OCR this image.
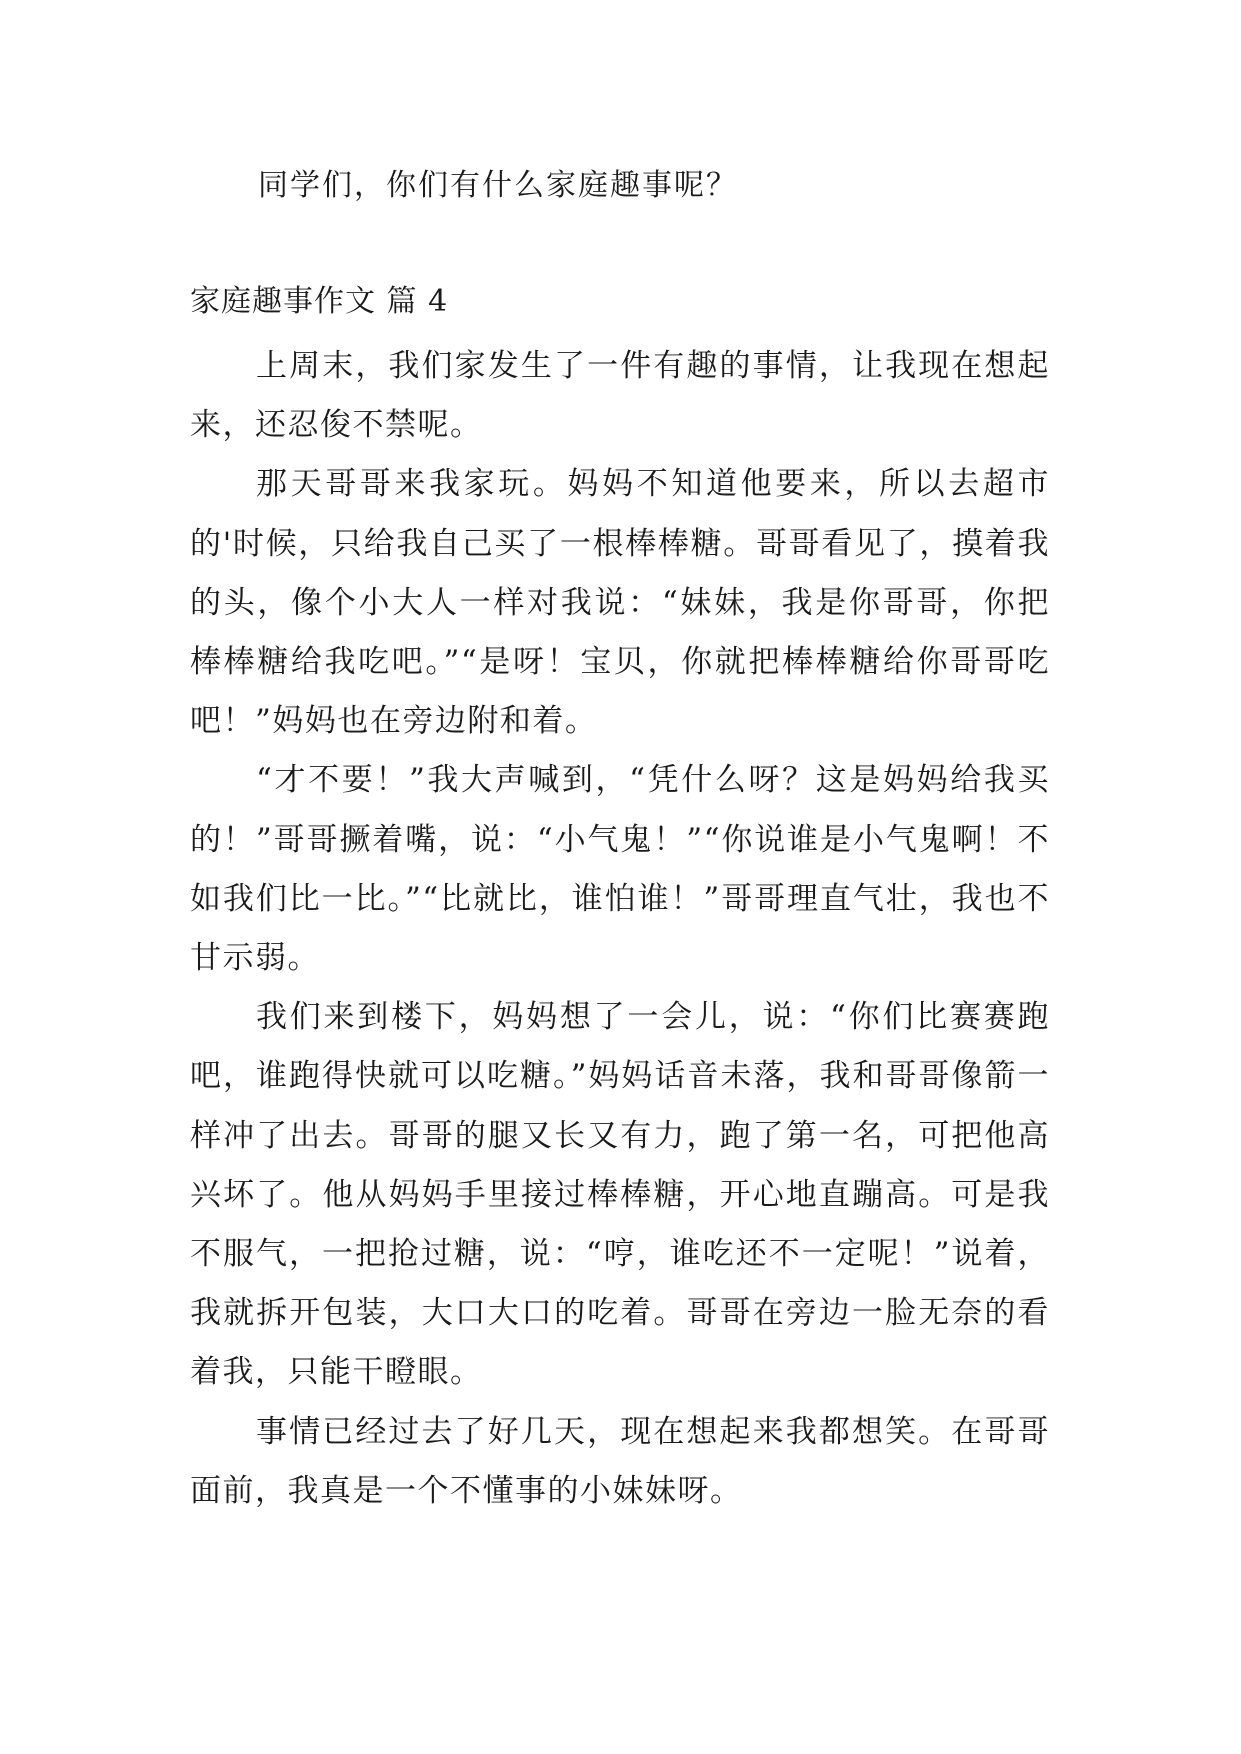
同学们，你们有什么家庭趣事呢？
家庭趣事作文 篇 4

上周末，我们家发生了一件有趣的事情，让我现在想起来，还忍俊不禁呢。

那天哥哥来我家玩。妈妈不知道他要来，所以去超市的'时候，只给我自己买了一根棒棒糖。哥哥看见了，摸着我的头，像个小大人一样对我说：“妹妹，我是你哥哥，你把棒棒糖给我吃吧。”“是呀！宝贝，你就把棒棒糖给你哥哥吃吧！”妈妈也在旁边附和着。

“才不要！”我大声喊到，“凭什么呀？这是妈妈给我买的！”哥哥撅着嘴，说：“小气鬼！”“你说谁是小气鬼啊！不如我们比一比。”“比就比，谁怕谁！”哥哥理直气壮，我也不甘示弱。

我们来到楼下，妈妈想了一会儿，说：“你们比赛赛跑吧，谁跑得快就可以吃糖。”妈妈话音未落，我和哥哥像箭一样冲了出去。哥哥的腿又长又有力，跑了第一名，可把他高兴坏了。他从妈妈手里接过棒棒糖，开心地直蹦高。可是我不服气，一把抢过糖，说：“哼，谁吃还不一定呢！”说着，我就拆开包装，大口大口的吃着。哥哥在旁边一脸无奈的看着我，只能干瞪眼。

事情已经过去了好几天，现在想起来我都想笑。在哥哥面前，我真是一个不懂事的小妹妹呀。
